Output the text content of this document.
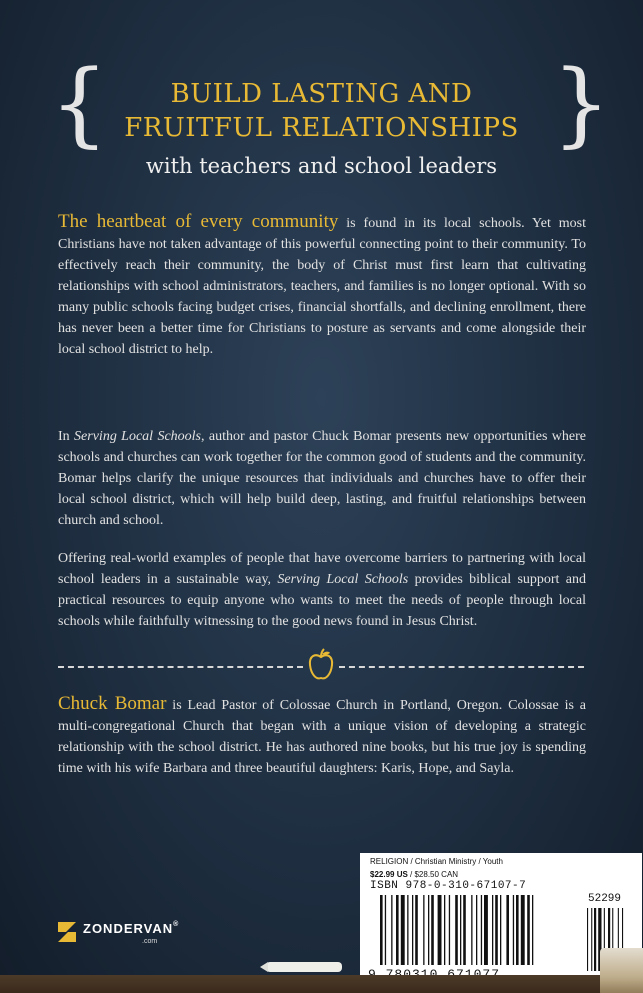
{	}
BUILD LASTING AND
FRUITFUL RELATIONSHIPS
with teachers and school leaders
The heartbeat of every community is found in its local schools. Yet most Christians have not taken advantage of this powerful connecting point to their community. To effectively reach their community, the body of Christ must first learn that cultivating relationships with school administrators, teachers, and families is no longer optional. With so many public schools facing budget crises, financial shortfalls, and declining enrollment, there has never been a better time for Christians to posture as servants and come alongside their local school district to help.
In Serving Local Schools, author and pastor Chuck Bomar presents new opportunities where schools and churches can work together for the common good of students and the community. Bomar helps clarify the unique resources that individuals and churches have to offer their local school district, which will help build deep, lasting, and fruitful relationships between church and school.
Offering real-world examples of people that have overcome barriers to partnering with local school leaders in a sustainable way, Serving Local Schools provides biblical support and practical resources to equip anyone who wants to meet the needs of people through local schools while faithfully witnessing to the good news found in Jesus Christ.
Chuck Bomar is Lead Pastor of Colossae Church in Portland, Oregon. Colossae is a multi-congregational Church that began with a unique vision of developing a strategic relationship with the school district. He has authored nine books, but his true joy is spending time with his wife Barbara and three beautiful daughters: Karis, Hope, and Sayla.
RELIGION / Christian Ministry / Youth
$22.99 US / $28.50 CAN
ISBN 978-0-310-67107-7
52299
ZONDERVAN®
.com
